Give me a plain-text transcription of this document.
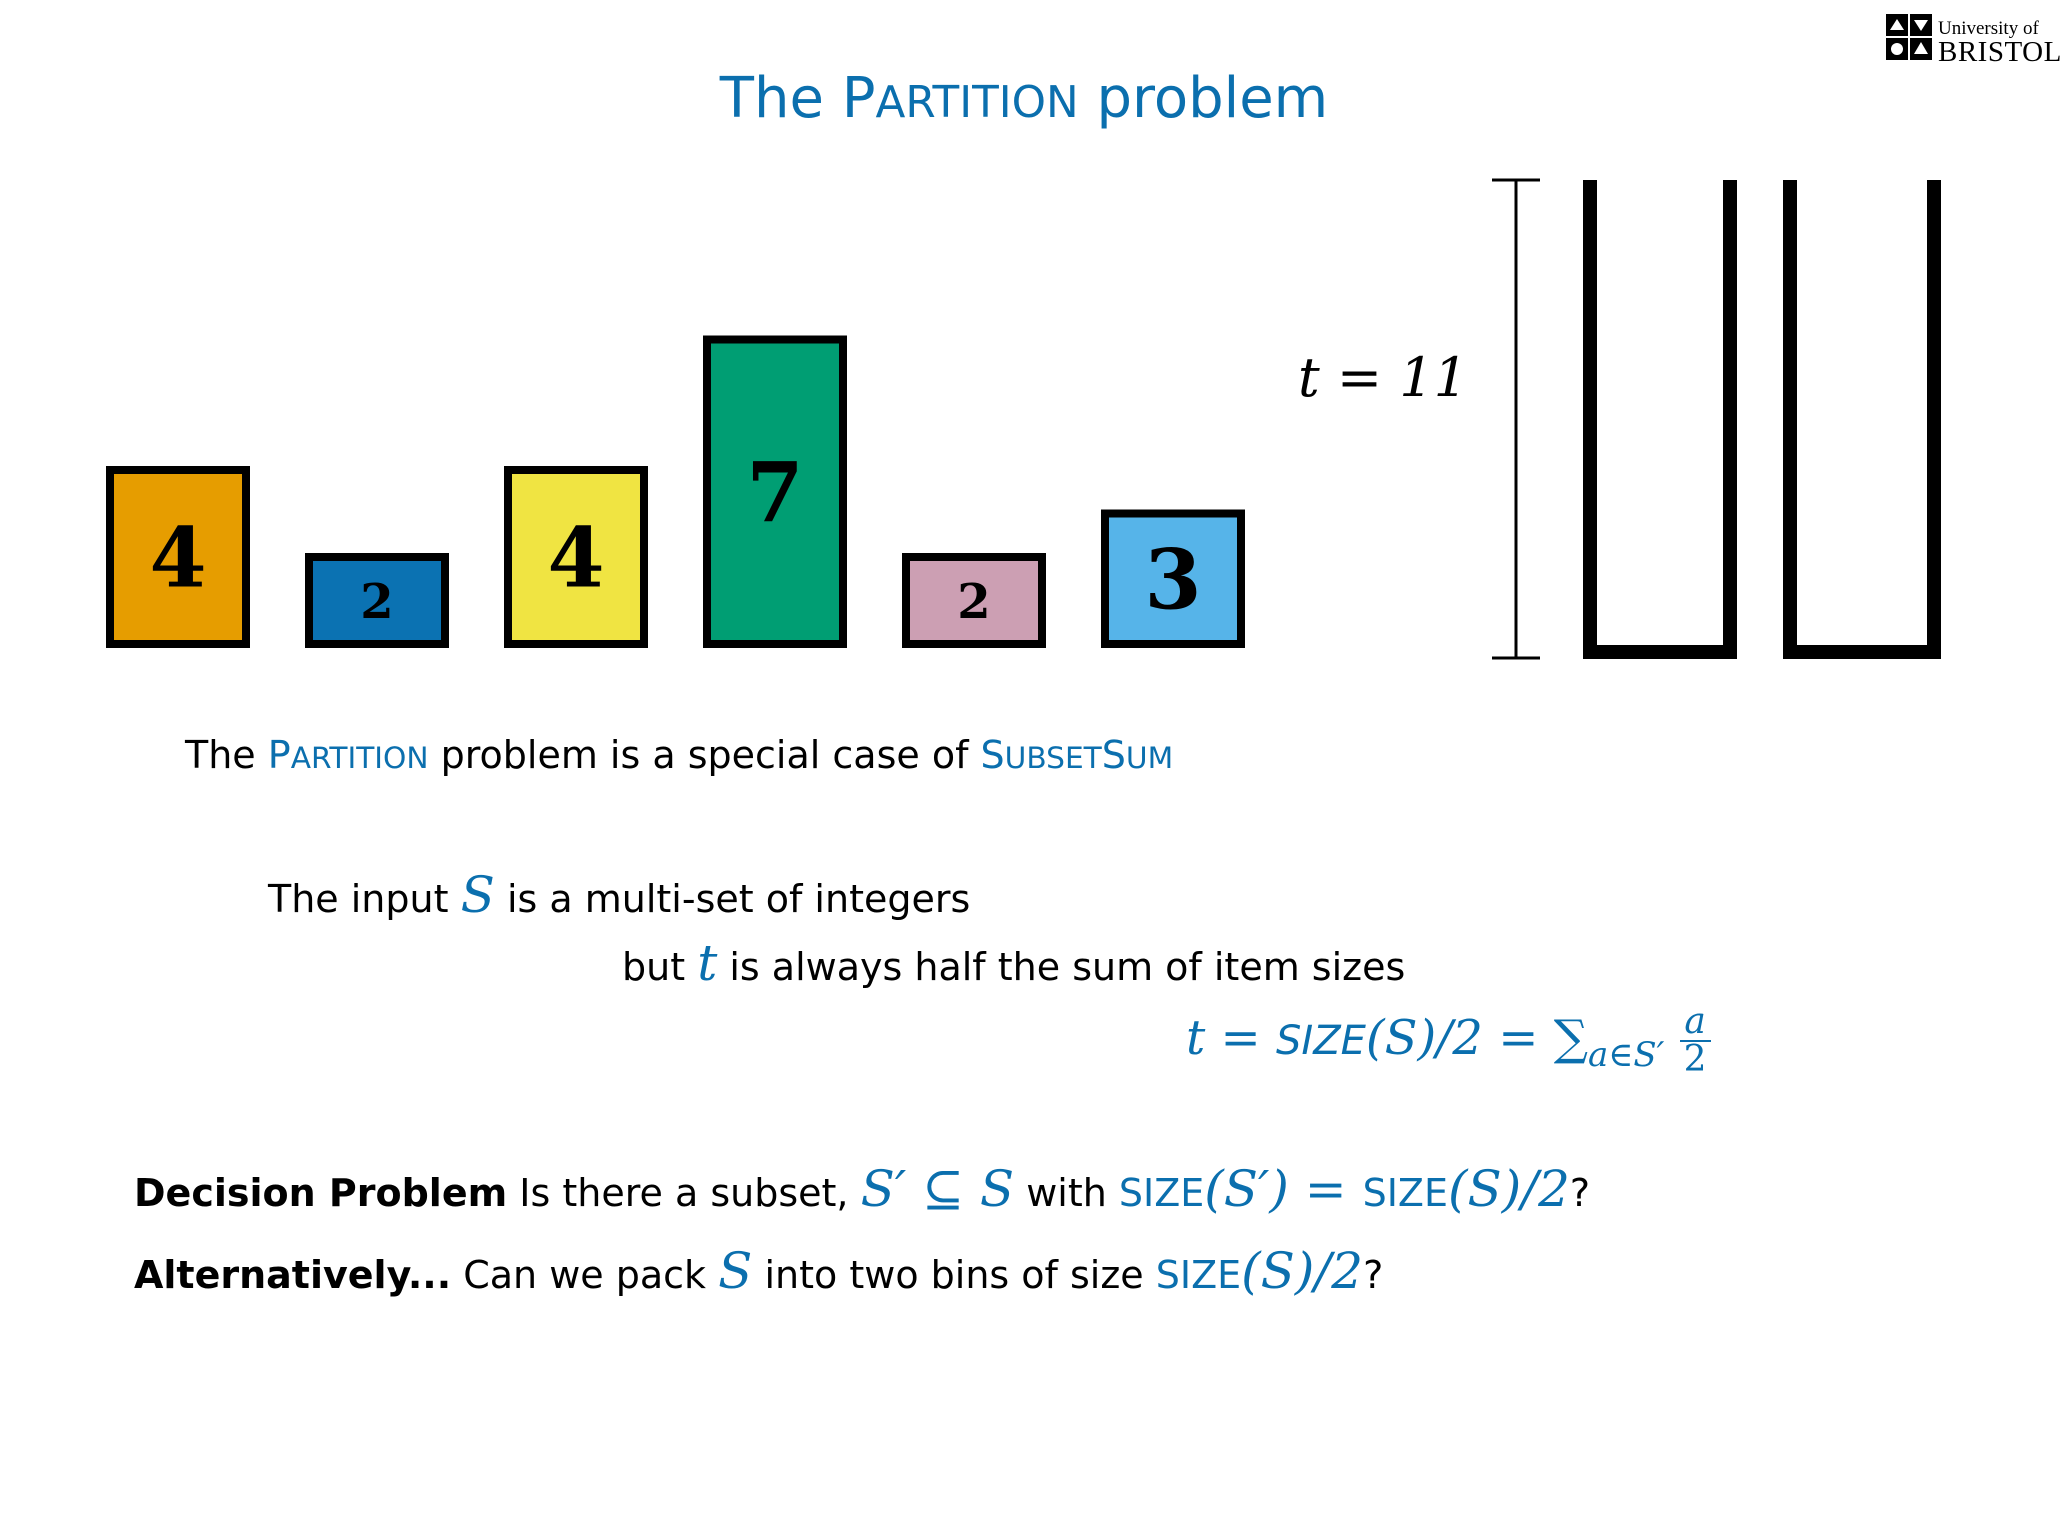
University of
BRISTOL
The PARTITION problem
4	2 4
7
2 3
t = 11
The PARTITION problem is a special case of SUBSETSUM
The input S is a multi-set of integers
but t is always half the sum of item sizes
t = SIZE(S)/2 = $\sum_{a\in S'} \frac{a}{2}$
Decision Problem Is there a subset, S′ ⊆ S with SIZE(S′) = SIZE(S)/2?
Alternatively... Can we pack S into two bins of size SIZE(S)/2?
